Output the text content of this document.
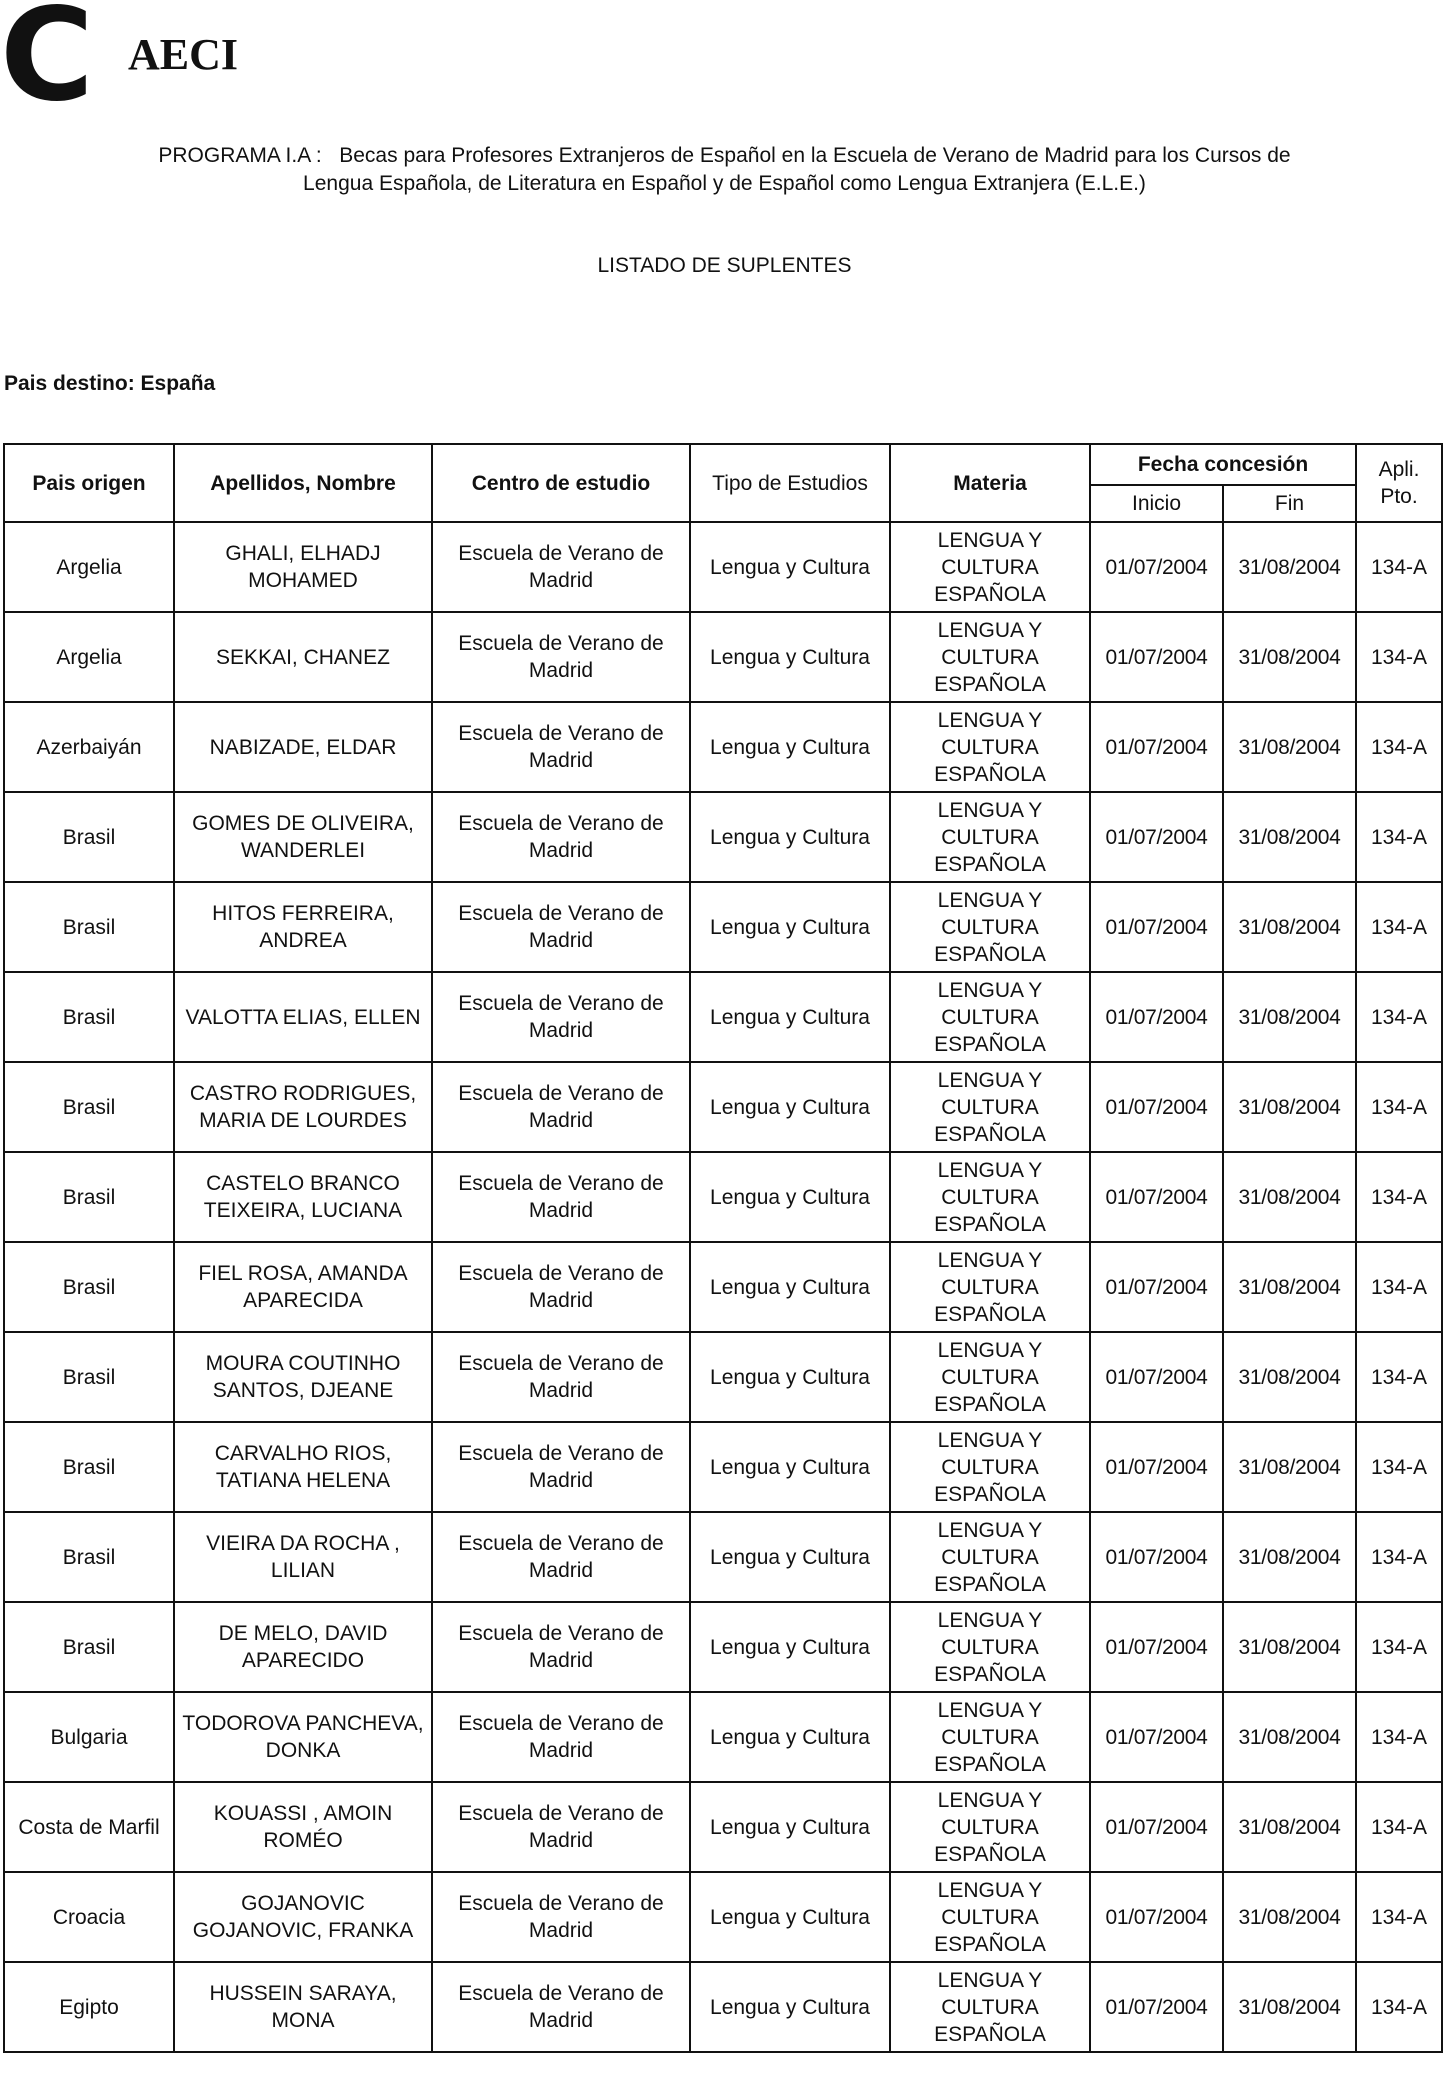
C AECI
PROGRAMA I.A :   Becas para Profesores Extranjeros de Español en la Escuela de Verano de Madrid para los Cursos de
Lengua Española, de Literatura en Español y de Español como Lengua Extranjera (E.L.E.)
LISTADO DE SUPLENTES
Pais destino: España
Pais origen	Apellidos, Nombre	Centro de estudio	Tipo de Estudios	Materia	Fecha concesión		Apli. Pto.
					Inicio	Fin	
Argelia	GHALI, ELHADJ MOHAMED	Escuela de Verano de Madrid	Lengua y Cultura	LENGUA Y CULTURA ESPAÑOLA	01/07/2004	31/08/2004	134-A
Argelia	SEKKAI, CHANEZ	Escuela de Verano de Madrid	Lengua y Cultura	LENGUA Y CULTURA ESPAÑOLA	01/07/2004	31/08/2004	134-A
Azerbaiyán	NABIZADE, ELDAR	Escuela de Verano de Madrid	Lengua y Cultura	LENGUA Y CULTURA ESPAÑOLA	01/07/2004	31/08/2004	134-A
Brasil	GOMES DE OLIVEIRA, WANDERLEI	Escuela de Verano de Madrid	Lengua y Cultura	LENGUA Y CULTURA ESPAÑOLA	01/07/2004	31/08/2004	134-A
Brasil	HITOS FERREIRA, ANDREA	Escuela de Verano de Madrid	Lengua y Cultura	LENGUA Y CULTURA ESPAÑOLA	01/07/2004	31/08/2004	134-A
Brasil	VALOTTA ELIAS, ELLEN	Escuela de Verano de Madrid	Lengua y Cultura	LENGUA Y CULTURA ESPAÑOLA	01/07/2004	31/08/2004	134-A
Brasil	CASTRO RODRIGUES, MARIA DE LOURDES	Escuela de Verano de Madrid	Lengua y Cultura	LENGUA Y CULTURA ESPAÑOLA	01/07/2004	31/08/2004	134-A
Brasil	CASTELO BRANCO TEIXEIRA, LUCIANA	Escuela de Verano de Madrid	Lengua y Cultura	LENGUA Y CULTURA ESPAÑOLA	01/07/2004	31/08/2004	134-A
Brasil	FIEL ROSA, AMANDA APARECIDA	Escuela de Verano de Madrid	Lengua y Cultura	LENGUA Y CULTURA ESPAÑOLA	01/07/2004	31/08/2004	134-A
Brasil	MOURA COUTINHO SANTOS, DJEANE	Escuela de Verano de Madrid	Lengua y Cultura	LENGUA Y CULTURA ESPAÑOLA	01/07/2004	31/08/2004	134-A
Brasil	CARVALHO RIOS, TATIANA HELENA	Escuela de Verano de Madrid	Lengua y Cultura	LENGUA Y CULTURA ESPAÑOLA	01/07/2004	31/08/2004	134-A
Brasil	VIEIRA DA ROCHA , LILIAN	Escuela de Verano de Madrid	Lengua y Cultura	LENGUA Y CULTURA ESPAÑOLA	01/07/2004	31/08/2004	134-A
Brasil	DE MELO, DAVID APARECIDO	Escuela de Verano de Madrid	Lengua y Cultura	LENGUA Y CULTURA ESPAÑOLA	01/07/2004	31/08/2004	134-A
Bulgaria	TODOROVA PANCHEVA, DONKA	Escuela de Verano de Madrid	Lengua y Cultura	LENGUA Y CULTURA ESPAÑOLA	01/07/2004	31/08/2004	134-A
Costa de Marfil	KOUASSI , AMOIN ROMÉO	Escuela de Verano de Madrid	Lengua y Cultura	LENGUA Y CULTURA ESPAÑOLA	01/07/2004	31/08/2004	134-A
Croacia	GOJANOVIC GOJANOVIC, FRANKA	Escuela de Verano de Madrid	Lengua y Cultura	LENGUA Y CULTURA ESPAÑOLA	01/07/2004	31/08/2004	134-A
Egipto	HUSSEIN SARAYA, MONA	Escuela de Verano de Madrid	Lengua y Cultura	LENGUA Y CULTURA ESPAÑOLA	01/07/2004	31/08/2004	134-A
